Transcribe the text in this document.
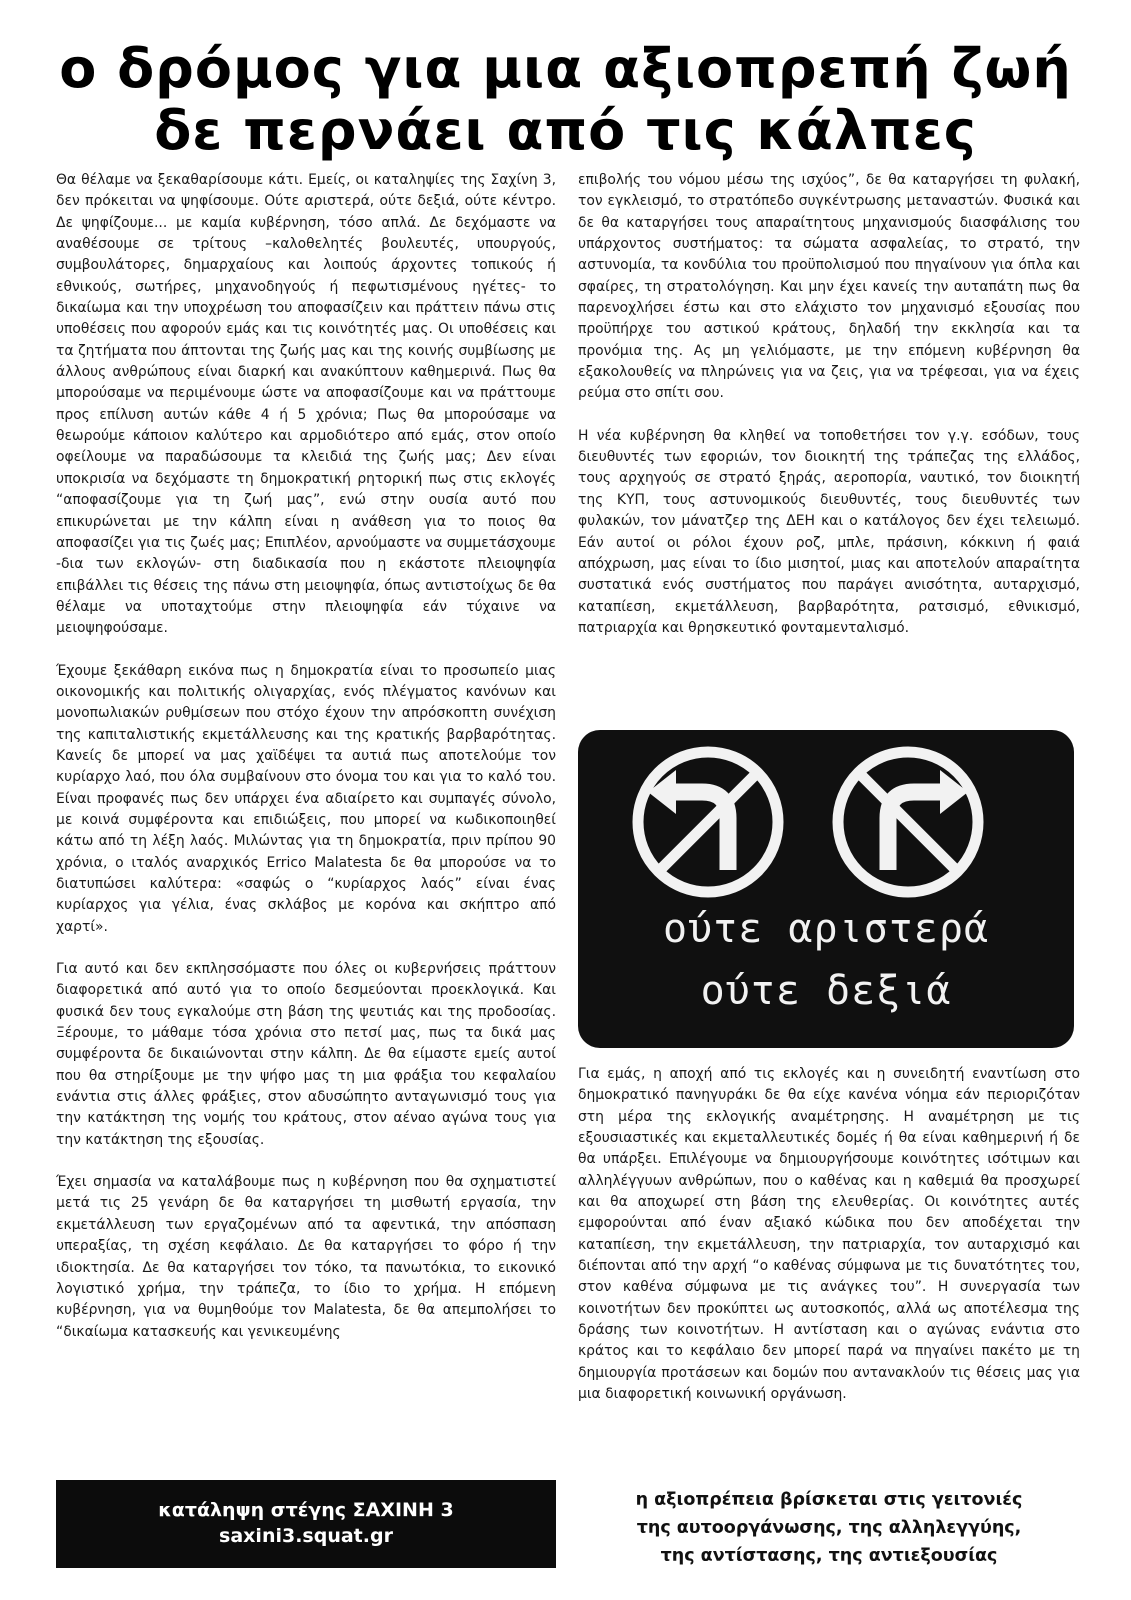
ο δρόμος για μια αξιοπρεπή ζωή
δε περνάει από τις κάλπες

Θα θέλαμε να ξεκαθαρίσουμε κάτι. Εμείς, οι καταληψίες της Σαχίνη 3, δεν πρόκειται να ψηφίσουμε. Ούτε αριστερά, ούτε δεξιά, ούτε κέντρο. Δε ψηφίζουμε... με καμία κυβέρνηση, τόσο απλά. Δε δεχόμαστε να αναθέσουμε σε τρίτους –καλοθελητές βουλευτές, υπουργούς, συμβουλάτορες, δημαρχαίους και λοιπούς άρχοντες τοπικούς ή εθνικούς, σωτήρες, μηχανοδηγούς ή πεφωτισμένους ηγέτες- το δικαίωμα και την υποχρέωση του αποφασίζειν και πράττειν πάνω στις υποθέσεις που αφορούν εμάς και τις κοινότητές μας. Οι υποθέσεις και τα ζητήματα που άπτονται της ζωής μας και της κοινής συμβίωσης με άλλους ανθρώπους είναι διαρκή και ανακύπτουν καθημερινά. Πως θα μπορούσαμε να περιμένουμε ώστε να αποφασίζουμε και να πράττουμε προς επίλυση αυτών κάθε 4 ή 5 χρόνια; Πως θα μπορούσαμε να θεωρούμε κάποιον καλύτερο και αρμοδιότερο από εμάς, στον οποίο οφείλουμε να παραδώσουμε τα κλειδιά της ζωής μας; Δεν είναι υποκρισία να δεχόμαστε τη δημοκρατική ρητορική πως στις εκλογές “αποφασίζουμε για τη ζωή μας”, ενώ στην ουσία αυτό που επικυρώνεται με την κάλπη είναι η ανάθεση για το ποιος θα αποφασίζει για τις ζωές μας; Επιπλέον, αρνούμαστε να συμμετάσχουμε -δια των εκλογών- στη διαδικασία που η εκάστοτε πλειοψηφία επιβάλλει τις θέσεις της πάνω στη μειοψηφία, όπως αντιστοίχως δε θα θέλαμε να υποταχτούμε στην πλειοψηφία εάν τύχαινε να μειοψηφούσαμε.

Έχουμε ξεκάθαρη εικόνα πως η δημοκρατία είναι το προσωπείο μιας οικονομικής και πολιτικής ολιγαρχίας, ενός πλέγματος κανόνων και μονοπωλιακών ρυθμίσεων που στόχο έχουν την απρόσκοπτη συνέχιση της καπιταλιστικής εκμετάλλευσης και της κρατικής βαρβαρότητας. Κανείς δε μπορεί να μας χαϊδέψει τα αυτιά πως αποτελούμε τον κυρίαρχο λαό, που όλα συμβαίνουν στο όνομα του και για το καλό του. Είναι προφανές πως δεν υπάρχει ένα αδιαίρετο και συμπαγές σύνολο, με κοινά συμφέροντα και επιδιώξεις, που μπορεί να κωδικοποιηθεί κάτω από τη λέξη λαός. Μιλώντας για τη δημοκρατία, πριν πρίπου 90 χρόνια, ο ιταλός αναρχικός Errico Malatesta δε θα μπορούσε να το διατυπώσει καλύτερα: «σαφώς ο “κυρίαρχος λαός” είναι ένας κυρίαρχος για γέλια, ένας σκλάβος με κορόνα και σκήπτρο από χαρτί».

Για αυτό και δεν εκπλησσόμαστε που όλες οι κυβερνήσεις πράττουν διαφορετικά από αυτό για το οποίο δεσμεύονται προεκλογικά. Και φυσικά δεν τους εγκαλούμε στη βάση της ψευτιάς και της προδοσίας. Ξέρουμε, το μάθαμε τόσα χρόνια στο πετσί μας, πως τα δικά μας συμφέροντα δε δικαιώνονται στην κάλπη. Δε θα είμαστε εμείς αυτοί που θα στηρίξουμε με την ψήφο μας τη μια φράξια του κεφαλαίου ενάντια στις άλλες φράξιες, στον αδυσώπητο ανταγωνισμό τους για την κατάκτηση της νομής του κράτους, στον αέναο αγώνα τους για την κατάκτηση της εξουσίας.

Έχει σημασία να καταλάβουμε πως η κυβέρνηση που θα σχηματιστεί μετά τις 25 γενάρη δε θα καταργήσει τη μισθωτή εργασία, την εκμετάλλευση των εργαζομένων από τα αφεντικά, την απόσπαση υπεραξίας, τη σχέση κεφάλαιο. Δε θα καταργήσει το φόρο ή την ιδιοκτησία. Δε θα καταργήσει τον τόκο, τα πανωτόκια, το εικονικό λογιστικό χρήμα, την τράπεζα, το ίδιο το χρήμα. Η επόμενη κυβέρνηση, για να θυμηθούμε τον Malatesta, δε θα απεμπολήσει το “δικαίωμα κατασκευής και γενικευμένης

επιβολής του νόμου μέσω της ισχύος”, δε θα καταργήσει τη φυλακή, τον εγκλεισμό, το στρατόπεδο συγκέντρωσης μεταναστών. Φυσικά και δε θα καταργήσει τους απαραίτητους μηχανισμούς διασφάλισης του υπάρχοντος συστήματος: τα σώματα ασφαλείας, το στρατό, την αστυνομία, τα κονδύλια του προϋπολισμού που πηγαίνουν για όπλα και σφαίρες, τη στρατολόγηση. Και μην έχει κανείς την αυταπάτη πως θα παρενοχλήσει έστω και στο ελάχιστο τον μηχανισμό εξουσίας που προϋπήρχε του αστικού κράτους, δηλαδή την εκκλησία και τα προνόμια της. Ας μη γελιόμαστε, με την επόμενη κυβέρνηση θα εξακολουθείς να πληρώνεις για να ζεις, για να τρέφεσαι, για να έχεις ρεύμα στο σπίτι σου.

Η νέα κυβέρνηση θα κληθεί να τοποθετήσει τον γ.γ. εσόδων, τους διευθυντές των εφοριών, τον διοικητή της τράπεζας της ελλάδος, τους αρχηγούς σε στρατό ξηράς, αεροπορία, ναυτικό, τον διοικητή της ΚΥΠ, τους αστυνομικούς διευθυντές, τους διευθυντές των φυλακών, τον μάνατζερ της ΔΕΗ και ο κατάλογος δεν έχει τελειωμό. Εάν αυτοί οι ρόλοι έχουν ροζ, μπλε, πράσινη, κόκκινη ή φαιά απόχρωση, μας είναι το ίδιο μισητοί, μιας και αποτελούν απαραίτητα συστατικά ενός συστήματος που παράγει ανισότητα, αυταρχισμό, καταπίεση, εκμετάλλευση, βαρβαρότητα, ρατσισμό, εθνικισμό, πατριαρχία και θρησκευτικό φονταμενταλισμό.

ούτε αριστερά
ούτε δεξιά

Για εμάς, η αποχή από τις εκλογές και η συνειδητή εναντίωση στο δημοκρατικό πανηγυράκι δε θα είχε κανένα νόημα εάν περιοριζόταν στη μέρα της εκλογικής αναμέτρησης. Η αναμέτρηση με τις εξουσιαστικές και εκμεταλλευτικές δομές ή θα είναι καθημερινή ή δε θα υπάρξει. Επιλέγουμε να δημιουργήσουμε κοινότητες ισότιμων και αλληλέγγυων ανθρώπων, που ο καθένας και η καθεμιά θα προσχωρεί και θα αποχωρεί στη βάση της ελευθερίας. Οι κοινότητες αυτές εμφορούνται από έναν αξιακό κώδικα που δεν αποδέχεται την καταπίεση, την εκμετάλλευση, την πατριαρχία, τον αυταρχισμό και διέπονται από την αρχή “ο καθένας σύμφωνα με τις δυνατότητες του, στον καθένα σύμφωνα με τις ανάγκες του”. Η συνεργασία των κοινοτήτων δεν προκύπτει ως αυτοσκοπός, αλλά ως αποτέλεσμα της δράσης των κοινοτήτων. Η αντίσταση και ο αγώνας ενάντια στο κράτος και το κεφάλαιο δεν μπορεί παρά να πηγαίνει πακέτο με τη δημιουργία προτάσεων και δομών που αντανακλούν τις θέσεις μας για μια διαφορετική κοινωνική οργάνωση.

κατάληψη στέγης ΣΑΧΙΝΗ 3
saxini3.squat.gr
η αξιοπρέπεια βρίσκεται στις γειτονιές
της αυτοοργάνωσης, της αλληλεγγύης,
της αντίστασης, της αντιεξουσίας
